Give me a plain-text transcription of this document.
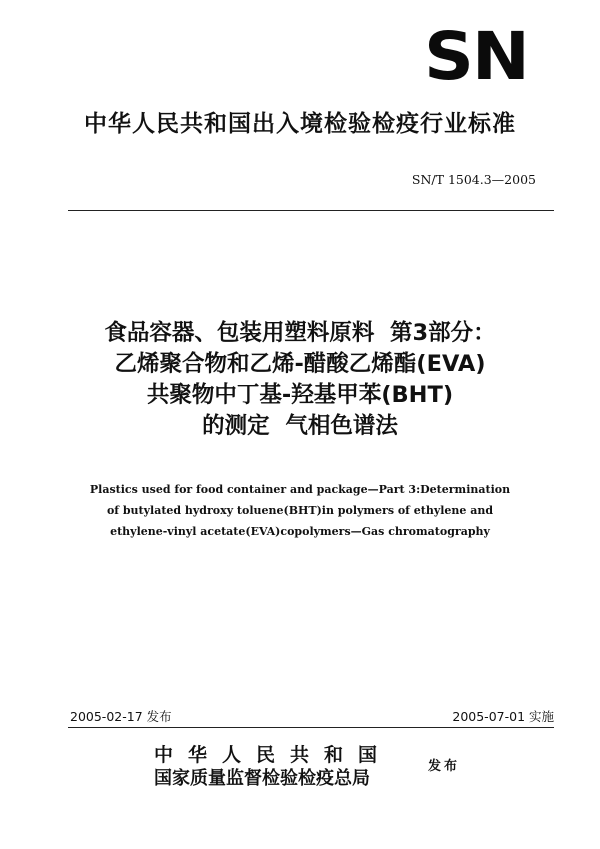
SN
中华人民共和国出入境检验检疫行业标准
SN/T 1504.3—2005
食品容器、包装用塑料原料  第3部分：
乙烯聚合物和乙烯-醋酸乙烯酯(EVA)
共聚物中丁基-羟基甲苯(BHT)
的测定  气相色谱法
Plastics used for food container and package—Part 3:Determination
of butylated hydroxy toluene(BHT)in polymers of ethylene and
ethylene-vinyl acetate(EVA)copolymers—Gas chromatography
2005-02-17 发布	2005-07-01 实施
中华人民共和国
国家质量监督检验检疫总局
发布
